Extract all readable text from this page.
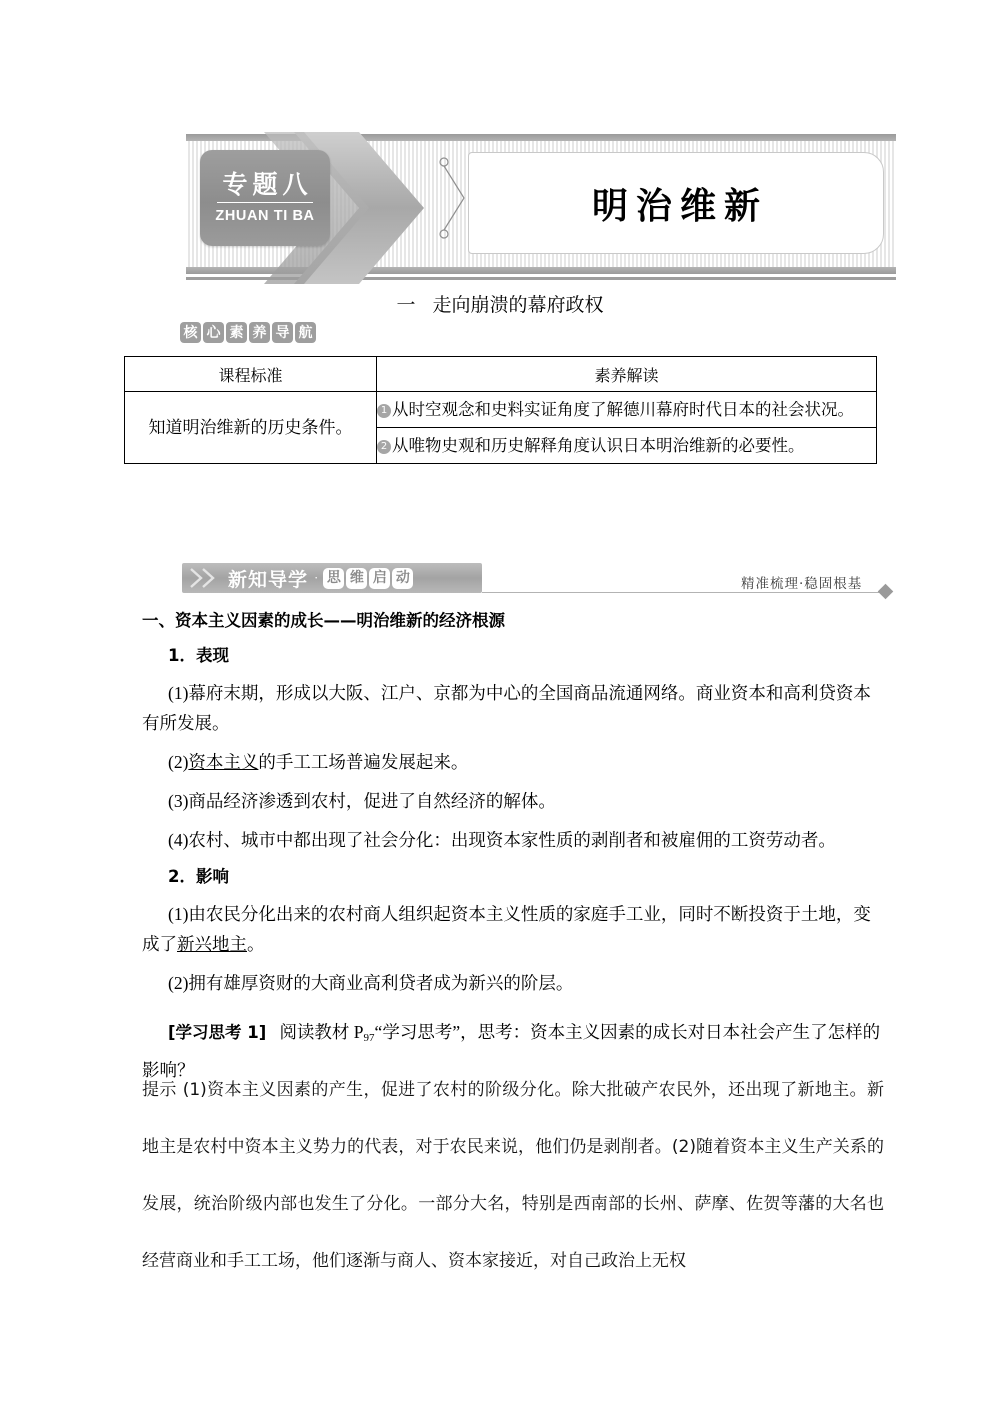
专题八
ZHUAN TI BA	明治维新
一 走向崩溃的幕府政权
核 心 素 养 导 航
课程标准	素养解读
知道明治维新的历史条件。	1 从时空观念和史料实证角度了解德川幕府时代日本的社会状况。
	2 从唯物史观和历史解释角度认识日本明治维新的必要性。
新知导学 · 思 维 启 动	精准梳理·稳固根基

一、资本主义因素的成长——明治维新的经济根源

1．表现

(1)幕府末期，形成以大阪、江户、京都为中心的全国商品流通网络。商业资本和高利贷资本有所发展。

(2)资本主义的手工工场普遍发展起来。

(3)商品经济渗透到农村，促进了自然经济的解体。

(4)农村、城市中都出现了社会分化：出现资本家性质的剥削者和被雇佣的工资劳动者。

2．影响

(1)由农民分化出来的农村商人组织起资本主义性质的家庭手工业，同时不断投资于土地，变成了新兴地主。

(2)拥有雄厚资财的大商业高利贷者成为新兴的阶层。

[学习思考 1] 阅读教材 $P_{97}“$学习思考”，思考：资本主义因素的成长对日本社会产生了怎样的影响？

提示 (1)资本主义因素的产生，促进了农村的阶级分化。除大批破产农民外，还出现了新地主。新地主是农村中资本主义势力的代表，对于农民来说，他们仍是剥削者。(2)随着资本主义生产关系的发展，统治阶级内部也发生了分化。一部分大名，特别是西南部的长州、萨摩、佐贺等藩的大名也经营商业和手工工场，他们逐渐与商人、资本家接近，对自己政治上无权
